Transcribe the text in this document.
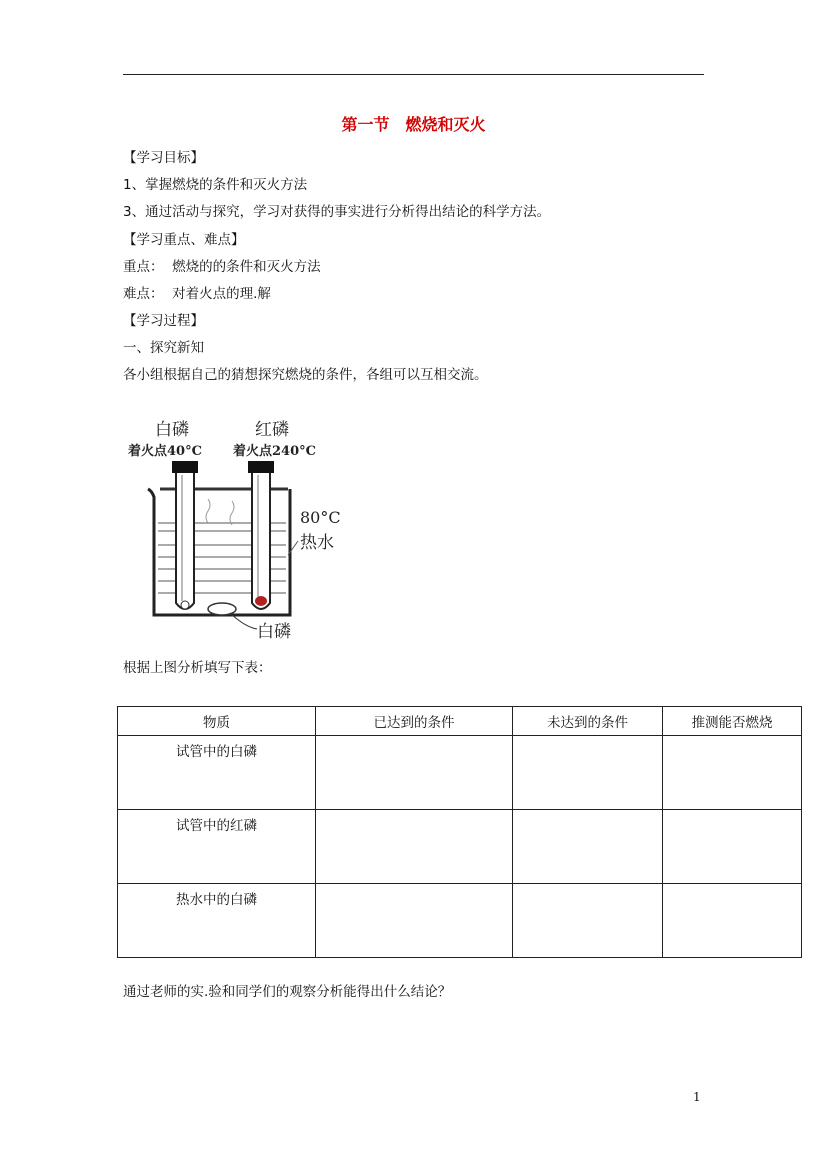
第一节　燃烧和灭火
【学习目标】
1、掌握燃烧的条件和灭火方法
3、通过活动与探究，学习对获得的事实进行分析得出结论的科学方法。
【学习重点、难点】
重点：  燃烧的的条件和灭火方法
难点：  对着火点的理.解
【学习过程】
一、探究新知
各小组根据自己的猜想探究燃烧的条件，各组可以互相交流。
白磷
着火点40°C
红磷
着火点240°C
80°C
热水
白磷
根据上图分析填写下表：
物质	已达到的条件	未达到的条件	推测能否燃烧
试管中的白磷			
试管中的红磷			
热水中的白磷			
通过老师的实.验和同学们的观察分析能得出什么结论？
1
